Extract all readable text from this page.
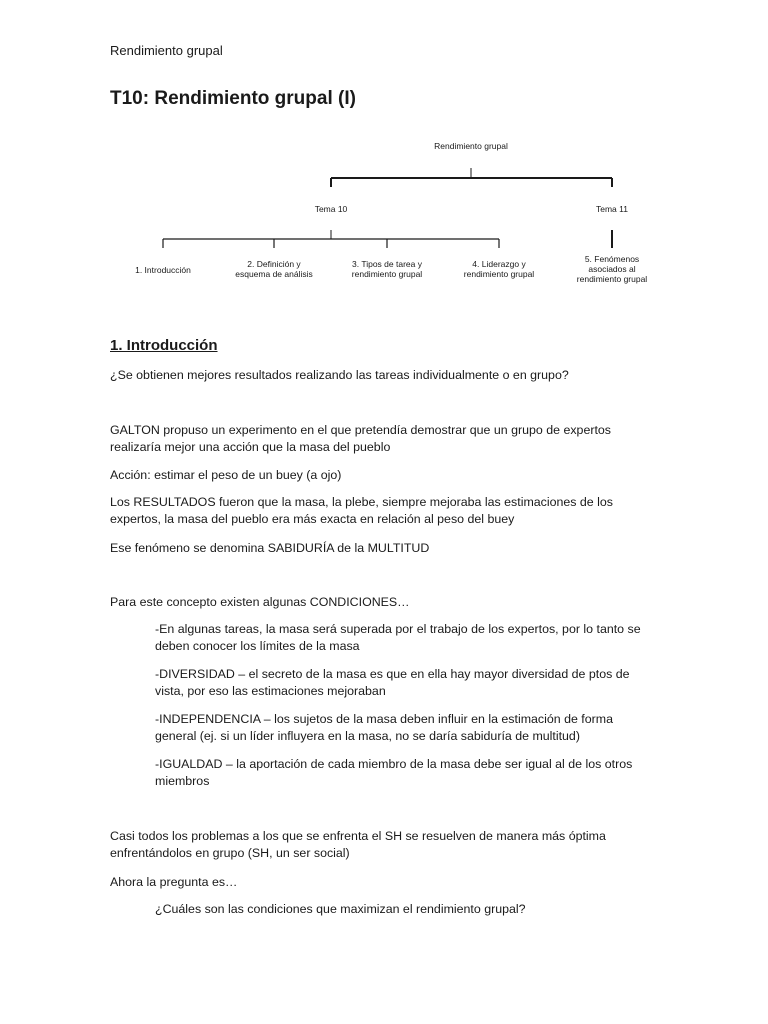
Rendimiento grupal
T10: Rendimiento grupal (I)
Rendimiento grupal
Tema 10	Tema 11
1. Introducción
2. Definición y
esquema de análisis
3. Tipos de tarea y
rendimiento grupal
4. Liderazgo y
rendimiento grupal
5. Fenómenos
asociados al
rendimiento grupal
1. Introducción
¿Se obtienen mejores resultados realizando las tareas individualmente o en grupo?
GALTON propuso un experimento en el que pretendía demostrar que un grupo de expertos
realizaría mejor una acción que la masa del pueblo
Acción: estimar el peso de un buey (a ojo)
Los RESULTADOS fueron que la masa, la plebe, siempre mejoraba las estimaciones de los
expertos, la masa del pueblo era más exacta en relación al peso del buey
Ese fenómeno se denomina SABIDURÍA de la MULTITUD
Para este concepto existen algunas CONDICIONES…
-En algunas tareas, la masa será superada por el trabajo de los expertos, por lo tanto se
deben conocer los límites de la masa
-DIVERSIDAD – el secreto de la masa es que en ella hay mayor diversidad de ptos de
vista, por eso las estimaciones mejoraban
-INDEPENDENCIA – los sujetos de la masa deben influir en la estimación de forma
general (ej. si un líder influyera en la masa, no se daría sabiduría de multitud)
-IGUALDAD – la aportación de cada miembro de la masa debe ser igual al de los otros
miembros
Casi todos los problemas a los que se enfrenta el SH se resuelven de manera más óptima
enfrentándolos en grupo (SH, un ser social)
Ahora la pregunta es…
¿Cuáles son las condiciones que maximizan el rendimiento grupal?
